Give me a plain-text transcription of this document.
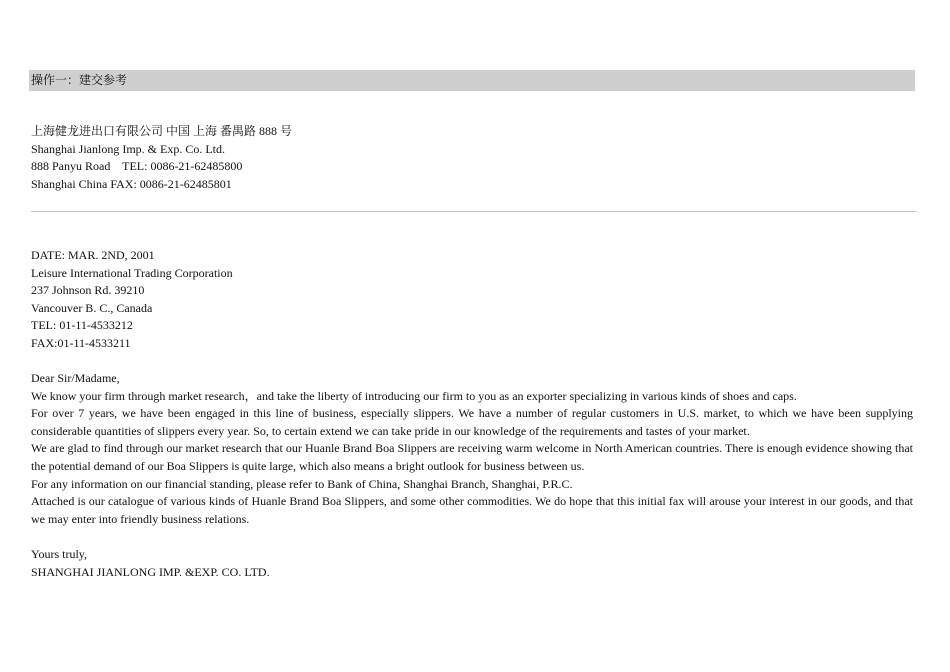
操作一：建交参考
上海健龙进出口有限公司 中国 上海 番禺路 888 号
Shanghai Jianlong Imp. & Exp. Co. Ltd.
888 Panyu Road    TEL: 0086-21-62485800
Shanghai China FAX: 0086-21-62485801
DATE: MAR. 2ND, 2001
Leisure International Trading Corporation
237 Johnson Rd. 39210
Vancouver B. C., Canada
TEL: 01-11-4533212
FAX:01-11-4533211
Dear Sir/Madame,
We know your firm through market research，and take the liberty of introducing our firm to you as an exporter specializing in various kinds of shoes and caps.
For over 7 years, we have been engaged in this line of business, especially slippers. We have a number of regular customers in U.S. market, to which we have been supplying considerable quantities of slippers every year. So, to certain extend we can take pride in our knowledge of the requirements and tastes of your market.
We are glad to find through our market research that our Huanle Brand Boa Slippers are receiving warm welcome in North American countries. There is enough evidence showing that the potential demand of our Boa Slippers is quite large, which also means a bright outlook for business between us.
For any information on our financial standing, please refer to Bank of China, Shanghai Branch, Shanghai, P.R.C.
Attached is our catalogue of various kinds of Huanle Brand Boa Slippers, and some other commodities. We do hope that this initial fax will arouse your interest in our goods, and that we may enter into friendly business relations.
Yours truly,
SHANGHAI JIANLONG IMP. &EXP. CO. LTD.
